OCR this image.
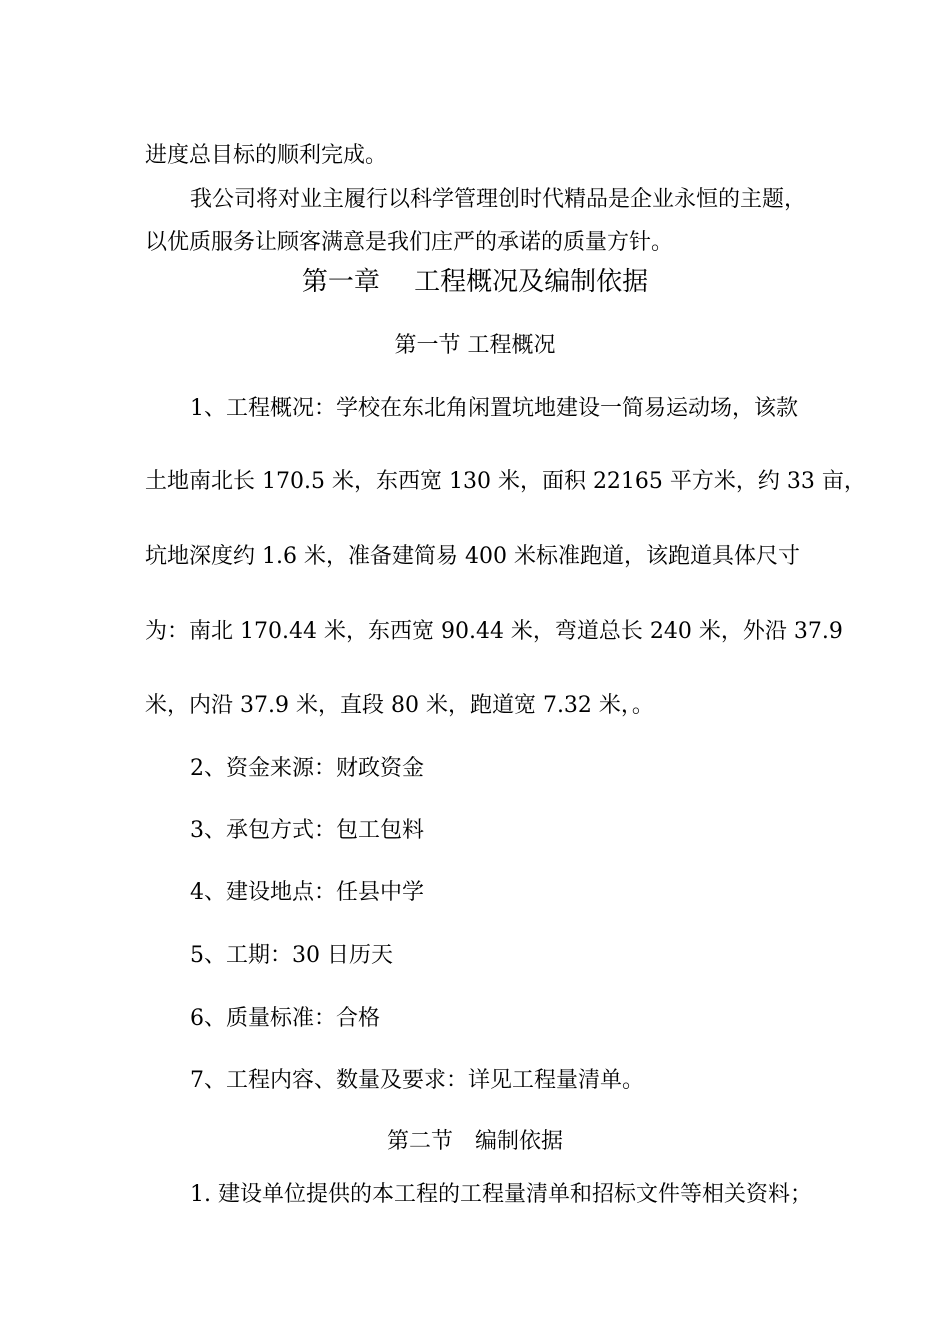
进度总目标的顺利完成。
我公司将对业主履行以科学管理创时代精品是企业永恒的主题，
以优质服务让顾客满意是我们庄严的承诺的质量方针。
第一章　 工程概况及编制依据
第一节 工程概况
1、工程概况：学校在东北角闲置坑地建设一简易运动场，该款
土地南北长 170.5 米，东西宽 130 米，面积 22165 平方米，约 33 亩，
坑地深度约 1.6 米，准备建简易 400 米标准跑道，该跑道具体尺寸
为：南北 170.44 米，东西宽 90.44 米，弯道总长 240 米，外沿 37.9
米，内沿 37.9 米，直段 80 米，跑道宽 7.32 米，。
2、资金来源：财政资金
3、承包方式：包工包料
4、建设地点：任县中学
5、工期：30 日历天
6、质量标准：合格
7、工程内容、数量及要求：详见工程量清单。
第二节　编制依据
1. 建设单位提供的本工程的工程量清单和招标文件等相关资料；
